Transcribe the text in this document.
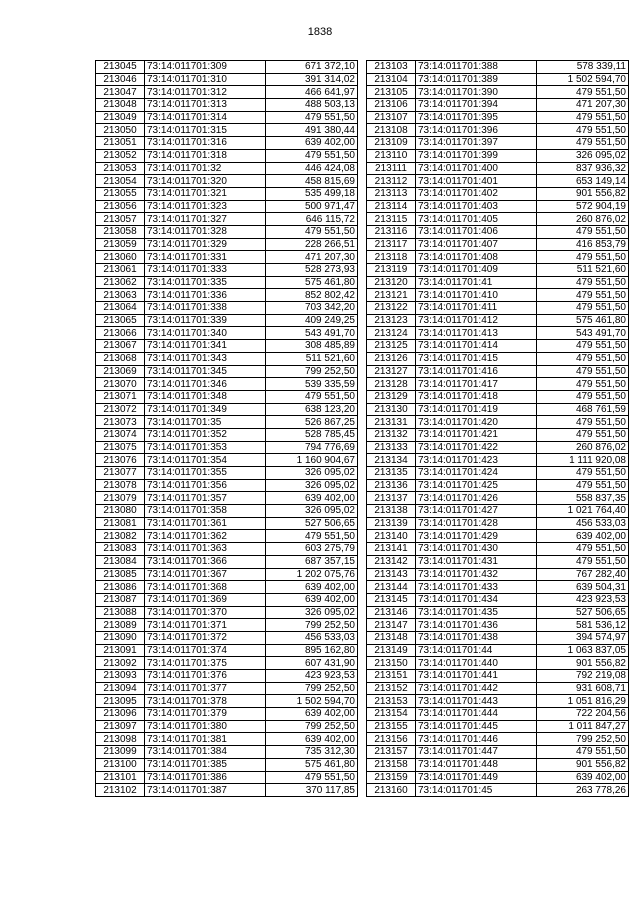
1838
213045	73:14:011701:309	671 372,10
213046	73:14:011701:310	391 314,02
213047	73:14:011701:312	466 641,97
213048	73:14:011701:313	488 503,13
213049	73:14:011701:314	479 551,50
213050	73:14:011701:315	491 380,44
213051	73:14:011701:316	639 402,00
213052	73:14:011701:318	479 551,50
213053	73:14:011701:32	446 424,08
213054	73:14:011701:320	458 815,69
213055	73:14:011701:321	535 499,18
213056	73:14:011701:323	500 971,47
213057	73:14:011701:327	646 115,72
213058	73:14:011701:328	479 551,50
213059	73:14:011701:329	228 266,51
213060	73:14:011701:331	471 207,30
213061	73:14:011701:333	528 273,93
213062	73:14:011701:335	575 461,80
213063	73:14:011701:336	852 802,42
213064	73:14:011701:338	703 342,20
213065	73:14:011701:339	409 249,25
213066	73:14:011701:340	543 491,70
213067	73:14:011701:341	308 485,89
213068	73:14:011701:343	511 521,60
213069	73:14:011701:345	799 252,50
213070	73:14:011701:346	539 335,59
213071	73:14:011701:348	479 551,50
213072	73:14:011701:349	638 123,20
213073	73:14:011701:35	526 867,25
213074	73:14:011701:352	528 785,45
213075	73:14:011701:353	794 776,69
213076	73:14:011701:354	1 160 904,67
213077	73:14:011701:355	326 095,02
213078	73:14:011701:356	326 095,02
213079	73:14:011701:357	639 402,00
213080	73:14:011701:358	326 095,02
213081	73:14:011701:361	527 506,65
213082	73:14:011701:362	479 551,50
213083	73:14:011701:363	603 275,79
213084	73:14:011701:366	687 357,15
213085	73:14:011701:367	1 202 075,76
213086	73:14:011701:368	639 402,00
213087	73:14:011701:369	639 402,00
213088	73:14:011701:370	326 095,02
213089	73:14:011701:371	799 252,50
213090	73:14:011701:372	456 533,03
213091	73:14:011701:374	895 162,80
213092	73:14:011701:375	607 431,90
213093	73:14:011701:376	423 923,53
213094	73:14:011701:377	799 252,50
213095	73:14:011701:378	1 502 594,70
213096	73:14:011701:379	639 402,00
213097	73:14:011701:380	799 252,50
213098	73:14:011701:381	639 402,00
213099	73:14:011701:384	735 312,30
213100	73:14:011701:385	575 461,80
213101	73:14:011701:386	479 551,50
213102	73:14:011701:387	370 117,85
213103	73:14:011701:388	578 339,11
213104	73:14:011701:389	1 502 594,70
213105	73:14:011701:390	479 551,50
213106	73:14:011701:394	471 207,30
213107	73:14:011701:395	479 551,50
213108	73:14:011701:396	479 551,50
213109	73:14:011701:397	479 551,50
213110	73:14:011701:399	326 095,02
213111	73:14:011701:400	837 936,32
213112	73:14:011701:401	653 149,14
213113	73:14:011701:402	901 556,82
213114	73:14:011701:403	572 904,19
213115	73:14:011701:405	260 876,02
213116	73:14:011701:406	479 551,50
213117	73:14:011701:407	416 853,79
213118	73:14:011701:408	479 551,50
213119	73:14:011701:409	511 521,60
213120	73:14:011701:41	479 551,50
213121	73:14:011701:410	479 551,50
213122	73:14:011701:411	479 551,50
213123	73:14:011701:412	575 461,80
213124	73:14:011701:413	543 491,70
213125	73:14:011701:414	479 551,50
213126	73:14:011701:415	479 551,50
213127	73:14:011701:416	479 551,50
213128	73:14:011701:417	479 551,50
213129	73:14:011701:418	479 551,50
213130	73:14:011701:419	468 761,59
213131	73:14:011701:420	479 551,50
213132	73:14:011701:421	479 551,50
213133	73:14:011701:422	260 876,02
213134	73:14:011701:423	1 111 920,08
213135	73:14:011701:424	479 551,50
213136	73:14:011701:425	479 551,50
213137	73:14:011701:426	558 837,35
213138	73:14:011701:427	1 021 764,40
213139	73:14:011701:428	456 533,03
213140	73:14:011701:429	639 402,00
213141	73:14:011701:430	479 551,50
213142	73:14:011701:431	479 551,50
213143	73:14:011701:432	767 282,40
213144	73:14:011701:433	639 504,31
213145	73:14:011701:434	423 923,53
213146	73:14:011701:435	527 506,65
213147	73:14:011701:436	581 536,12
213148	73:14:011701:438	394 574,97
213149	73:14:011701:44	1 063 837,05
213150	73:14:011701:440	901 556,82
213151	73:14:011701:441	792 219,08
213152	73:14:011701:442	931 608,71
213153	73:14:011701:443	1 051 816,29
213154	73:14:011701:444	722 204,56
213155	73:14:011701:445	1 011 847,27
213156	73:14:011701:446	799 252,50
213157	73:14:011701:447	479 551,50
213158	73:14:011701:448	901 556,82
213159	73:14:011701:449	639 402,00
213160	73:14:011701:45	263 778,26
